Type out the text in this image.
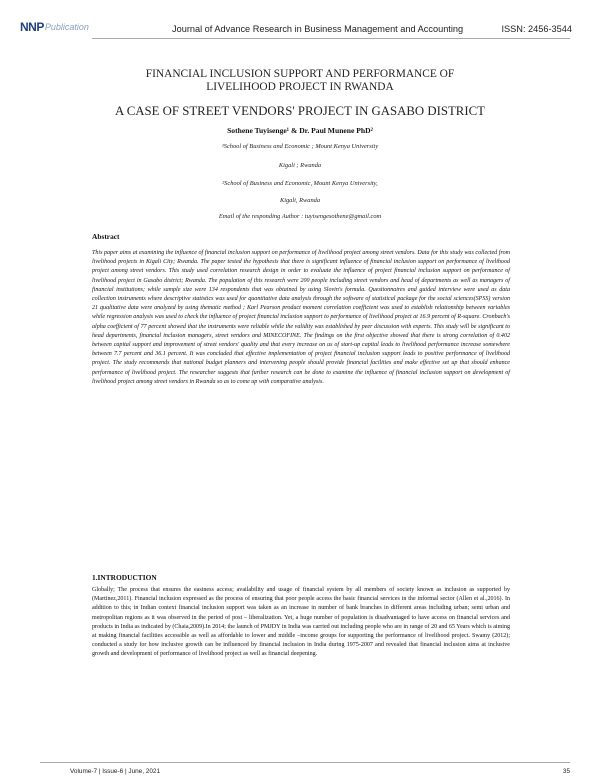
NNP Publication	Journal of Advance Research in Business Management and Accounting	ISSN: 2456-3544
FINANCIAL INCLUSION SUPPORT AND PERFORMANCE OF
LIVELIHOOD PROJECT IN RWANDA
A CASE OF STREET VENDORS' PROJECT IN GASABO DISTRICT
Sothene Tuyisenge¹ & Dr. Paul Munene PhD²
¹School of Business and Economic ; Mount Kenya University
Kigali ; Rwanda
²School of Business and Economic, Mount Kenya University,
Kigali, Rwanda
Email of the responding Author : tuyisengesothene@gmail.com
Abstract

This paper aims at examining the influence of financial inclusion support on performance of livelihood project among street vendors. Data for this study was collected from livelihood projects in Kigali City; Rwanda. The paper tested the hypothesis that there is significant influence of financial inclusion support on performance of livelihood project among street vendors. This study used correlation research design in order to evaluate the influence of project financial inclusion support on performance of livelihood project in Gasabo district; Rwanda. The population of this research were 200 people including street vendors and head of departments as well as managers of financial institutions; while sample size were 134 respondents that was obtained by using Slovin's formula. Questionnaires and guided interview were used as data collection instruments where descriptive statistics was used for quantitative data analysis through the software of statistical package for the social sciences(SPSS) version 21 qualitative data were analyzed by using thematic method ; Karl Pearson product moment correlation coefficient was used to establish relationship between variables while regression analysis was used to check the influence of project financial inclusion support to performance of livelihood project at 16.9 percent of R-square. Cronbach's alpha coefficient of 77 percent showed that the instruments were reliable while the validity was established by peer discussion with experts. This study will be significant to head departments, financial inclusion managers, street vendors and MINECOFINE. The findings on the first objective showed that there is strong correlation of 0.402 between capital support and improvement of street vendors' quality and that every increase on us of start-up capital leads to livelihood performance increase somewhere between 7.7 percent and 36.1 percent. It was concluded that effective implementation of project financial inclusion support leads to positive performance of livelihood project. The study recommends that national budget planners and intervening people should provide financial facilities and make effective set up that should enhance performance of livelihood project. The researcher suggests that further research can be done to examine the influence of financial inclusion support on development of livelihood project among street vendors in Rwanda so as to come up with comparative analysis.

1.INTRODUCTION

Globally; The process that ensures the easiness access; availability and usage of financial system by all members of society known as inclusion as supported by (Martinez,2011). Financial inclusion expressed as the process of ensuring that poor people access the basic financial services in the informal sector (Allen et al.,2016). In addition to this; in Indian context financial inclusion support was taken as an increase in number of bank branches in different areas including urban; semi urban and metropolitan regions as it was observed in the period of post – liberalization. Yet, a huge number of population is disadvantaged to have access on financial services and products in India as indicated by (Chaia,2009).In 2014; the launch of PMJDY in India was carried out including people who are in range of 20 and 65 Years which is aiming at making financial facilities accessible as well as affordable to lower and middle –income groups for supporting the performance of livelihood project. Swamy (2012); conducted a study for how inclusive growth can be influenced by financial inclusion in India during 1975-2007 and revealed that financial inclusion aims at inclusive growth and development of performance of livelihood project as well as financial deepening.

Volume-7 | Issue-6 | June, 2021	35
